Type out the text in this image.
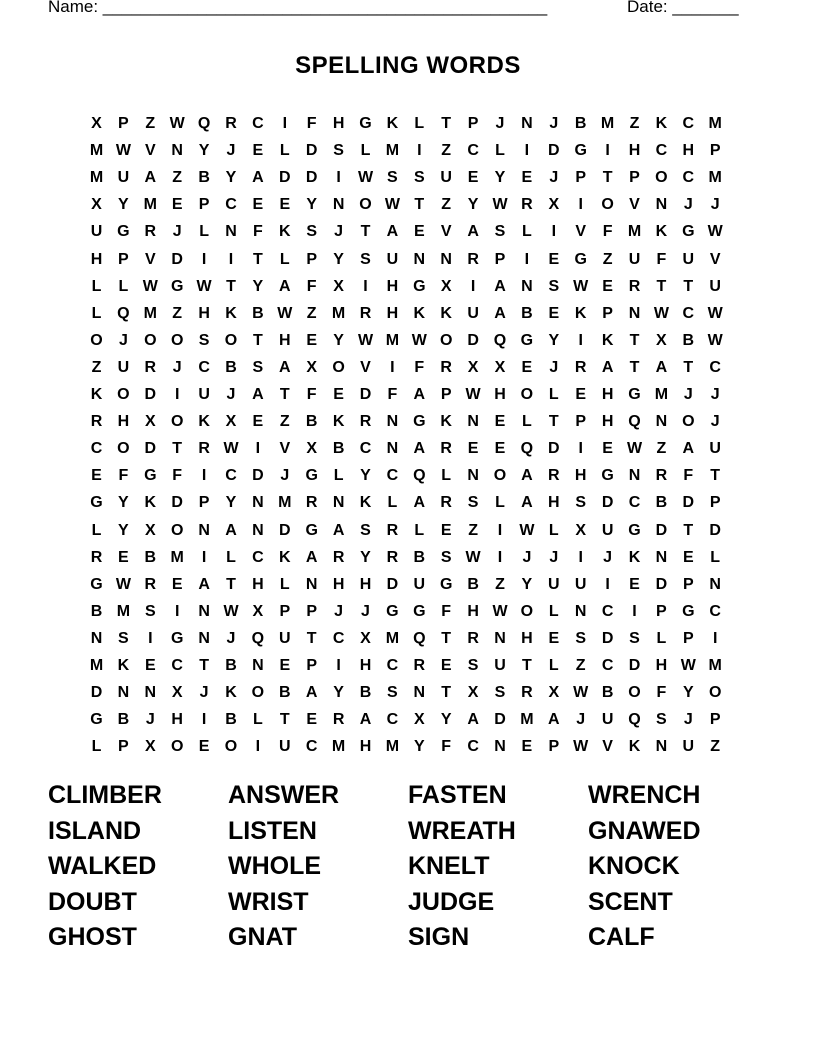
Name: _______________________________________________	Date: _______
SPELLING WORDS
X	P	Z W Q R C	I	F	H G K	L	T	P	J	N	J	B M Z	K C M
M W V N Y	J	E	L	D S	L M	I	Z	C	L	I	D G	I	H C H P
M U A	Z	B Y A D D	I	W S	S U E	Y	E	J	P	T	P O C M
X	Y M E	P C E	E	Y N O W T	Z	Y W R X	I	O V N	J	J
U G R	J	L	N	F	K S	J	T	A E	V A S	L	I	V	F M K G W
H P	V D	I	I	T	L	P	Y	S U N N R P	I	E G Z	U	F	U V
L	L W G W T	Y A	F	X	I	H G X	I	A N S W E R	T	T	U
L Q M Z	H K B W Z M R H K K U A B E K P N W C W
O	J	O O S O T	H E	Y W M W O D Q G Y	I	K	T	X B W
Z	U R	J	C B S A X O V	I	F	R X	X	E	J	R A	T	A	T	C
K O D	I	U	J	A	T	F	E D	F	A P W H O L	E H G M J	J
R H X O K X	E	Z	B K R N G K N E	L	T	P H Q N O	J
C O D	T	R W	I	V	X B C N A R E	E Q D	I	E W Z	A U
E	F G F	I	C D	J	G L	Y C Q L	N O A R H G N R	F	T
G Y K D P	Y N M R N K	L	A R S	L	A H S D C B D P
L	Y	X O N A N D G A S R	L	E	Z	I	W L	X U G D	T	D
R E B M	I	L	C K A R Y R B S W	I	J	J	I	J	K N E	L
G W R E A	T	H	L	N H H D U G B	Z	Y U U	I	E D P N
B M S	I	N W X	P	P	J	J	G G F	H W O L	N C	I	P G C
N S	I	G N	J	Q U	T	C X M Q T	R N H E	S D S	L	P	I
M K E C	T	B N E	P	I	H C R E	S U	T	L	Z	C D H W M
D N N X	J	K O B A Y B S N	T	X	S R X W B O F	Y O
G B	J	H	I	B	L	T	E R A C X	Y A D M A	J	U Q S	J	P
L	P	X O E O	I	U C M H M Y	F	C N E	P W V K N U	Z
CLIMBER	ANSWER	FASTEN	WRENCH
ISLAND	LISTEN	WREATH	GNAWED
WALKED	WHOLE	KNELT	KNOCK
DOUBT	WRIST	JUDGE	SCENT
GHOST	GNAT	SIGN	CALF
